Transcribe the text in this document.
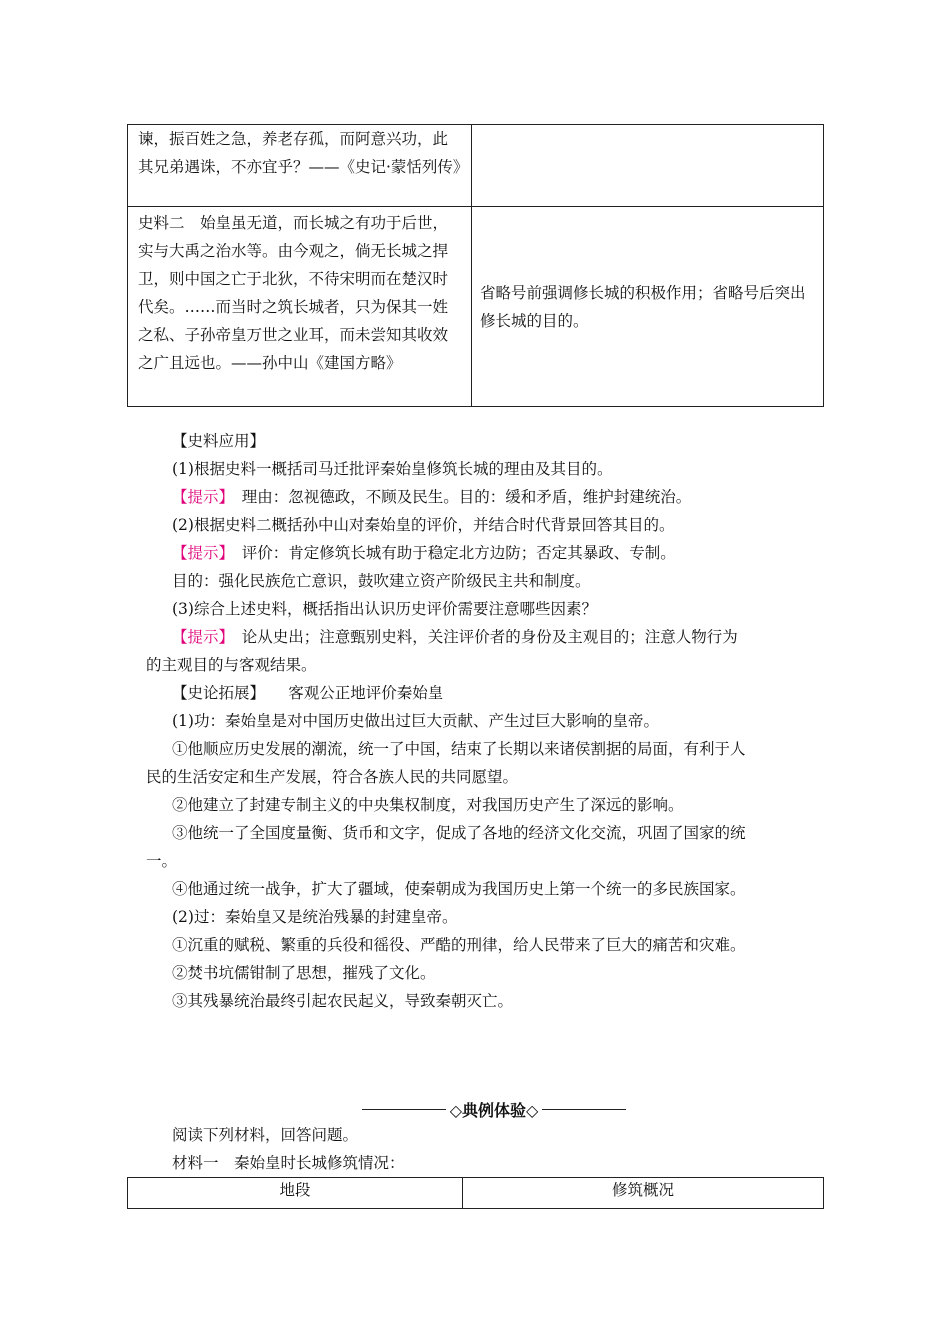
谏，振百姓之急，养老存孤，而阿意兴功，此其兄弟遇诛，不亦宜乎？——《史记·蒙恬列传》	
史料二　始皇虽无道，而长城之有功于后世，实与大禹之治水等。由今观之，倘无长城之捍卫，则中国之亡于北狄，不待宋明而在楚汉时代矣。……而当时之筑长城者，只为保其一姓之私、子孙帝皇万世之业耳，而未尝知其收效之广且远也。——孙中山《建国方略》	省略号前强调修长城的积极作用；省略号后突出修长城的目的。
【史料应用】
(1)根据史料一概括司马迁批评秦始皇修筑长城的理由及其目的。
【提示】　理由：忽视德政，不顾及民生。目的：缓和矛盾，维护封建统治。
(2)根据史料二概括孙中山对秦始皇的评价，并结合时代背景回答其目的。
【提示】　评价：肯定修筑长城有助于稳定北方边防；否定其暴政、专制。
目的：强化民族危亡意识，鼓吹建立资产阶级民主共和制度。
(3)综合上述史料，概括指出认识历史评价需要注意哪些因素？
【提示】　论从史出；注意甄别史料，关注评价者的身份及主观目的；注意人物行为
的主观目的与客观结果。
【史论拓展】　　客观公正地评价秦始皇
(1)功：秦始皇是对中国历史做出过巨大贡献、产生过巨大影响的皇帝。
①他顺应历史发展的潮流，统一了中国，结束了长期以来诸侯割据的局面，有利于人
民的生活安定和生产发展，符合各族人民的共同愿望。
②他建立了封建专制主义的中央集权制度，对我国历史产生了深远的影响。
③他统一了全国度量衡、货币和文字，促成了各地的经济文化交流，巩固了国家的统
一。
④他通过统一战争，扩大了疆域，使秦朝成为我国历史上第一个统一的多民族国家。
(2)过：秦始皇又是统治残暴的封建皇帝。
①沉重的赋税、繁重的兵役和徭役、严酷的刑律，给人民带来了巨大的痛苦和灾难。
②焚书坑儒钳制了思想，摧残了文化。
③其残暴统治最终引起农民起义，导致秦朝灭亡。
◇典例体验◇
阅读下列材料，回答问题。
材料一　秦始皇时长城修筑情况：
地段	修筑概况
